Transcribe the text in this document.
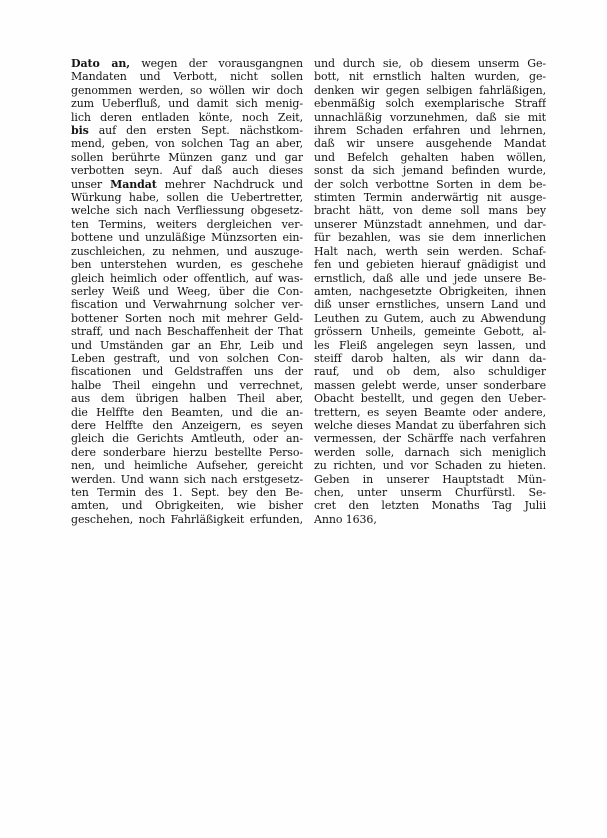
Dato an, wegen der vorausgangnen
Mandaten und Verbott, nicht sollen
genommen werden, so wöllen wir doch
zum Ueberfluß, und damit sich menig-
lich deren entladen könte, noch Zeit,
bis auf den ersten Sept. nächstkom-
mend, geben, von solchen Tag an aber,
sollen berührte Münzen ganz und gar
verbotten seyn. Auf daß auch dieses
unser Mandat mehrer Nachdruck und
Würkung habe, sollen die Uebertretter,
welche sich nach Verfliessung obgesetz-
ten Termins, weiters dergleichen ver-
bottene und unzuläßige Münzsorten ein-
zuschleichen, zu nehmen, und auszuge-
ben unterstehen wurden, es geschehe
gleich heimlich oder offentlich, auf was-
serley Weiß und Weeg, über die Con-
fiscation und Verwahrnung solcher ver-
bottener Sorten noch mit mehrer Geld-
straff, und nach Beschaffenheit der That
und Umständen gar an Ehr, Leib und
Leben gestraft, und von solchen Con-
fiscationen und Geldstraffen uns der
halbe Theil eingehn und verrechnet,
aus dem übrigen halben Theil aber,
die Helffte den Beamten, und die an-
dere Helffte den Anzeigern, es seyen
gleich die Gerichts Amtleuth, oder an-
dere sonderbare hierzu bestellte Perso-
nen, und heimliche Aufseher, gereicht
werden. Und wann sich nach erstgesetz-
ten Termin des 1. Sept. bey den Be-
amten, und Obrigkeiten, wie bisher
geschehen, noch Fahrläßigkeit erfunden,
und durch sie, ob diesem unserm Ge-
bott, nit ernstlich halten wurden, ge-
denken wir gegen selbigen fahrläßigen,
ebenmäßig solch exemplarische Straff
unnachläßig vorzunehmen, daß sie mit
ihrem Schaden erfahren und lehrnen,
daß wir unsere ausgehende Mandat
und Befelch gehalten haben wöllen,
sonst da sich jemand befinden wurde,
der solch verbottne Sorten in dem be-
stimten Termin anderwärtig nit ausge-
bracht hätt, von deme soll mans bey
unserer Münzstadt annehmen, und dar-
für bezahlen, was sie dem innerlichen
Halt nach, werth sein werden. Schaf-
fen und gebieten hierauf gnädigist und
ernstlich, daß alle und jede unsere Be-
amten, nachgesetzte Obrigkeiten, ihnen
diß unser ernstliches, unsern Land und
Leuthen zu Gutem, auch zu Abwendung
grössern Unheils, gemeinte Gebott, al-
les Fleiß angelegen seyn lassen, und
steiff darob halten, als wir dann da-
rauf, und ob dem, also schuldiger
massen gelebt werde, unser sonderbare
Obacht bestellt, und gegen den Ueber-
trettern, es seyen Beamte oder andere,
welche dieses Mandat zu überfahren sich
vermessen, der Schärffe nach verfahren
werden solle, darnach sich meniglich
zu richten, und vor Schaden zu hieten.
Geben in unserer Hauptstadt Mün-
chen, unter unserm Churfürstl. Se-
cret den letzten Monaths Tag Julii
Anno 1636,
